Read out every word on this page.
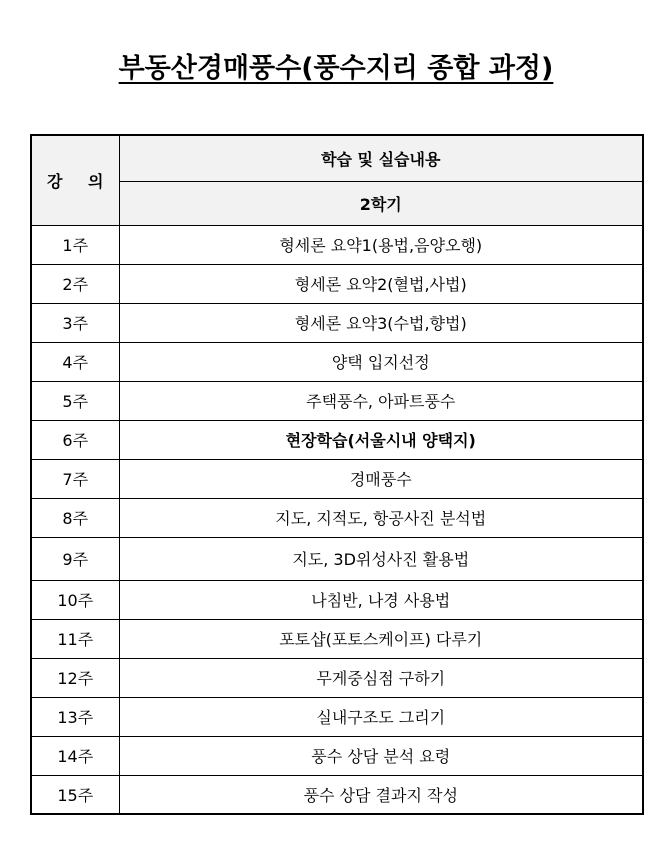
부동산경매풍수(풍수지리 종합 과정)
강 의	학습 및 실습내용
	2학기
1주	형세론 요약1(용법,음양오행)
2주	형세론 요약2(혈법,사법)
3주	형세론 요약3(수법,향법)
4주	양택 입지선정
5주	주택풍수, 아파트풍수
6주	현장학습(서울시내 양택지)
7주	경매풍수
8주	지도, 지적도, 항공사진 분석법
9주	지도, 3D위성사진 활용법
10주	나침반, 나경 사용법
11주	포토샵(포토스케이프) 다루기
12주	무게중심점 구하기
13주	실내구조도 그리기
14주	풍수 상담 분석 요령
15주	풍수 상담 결과지 작성
